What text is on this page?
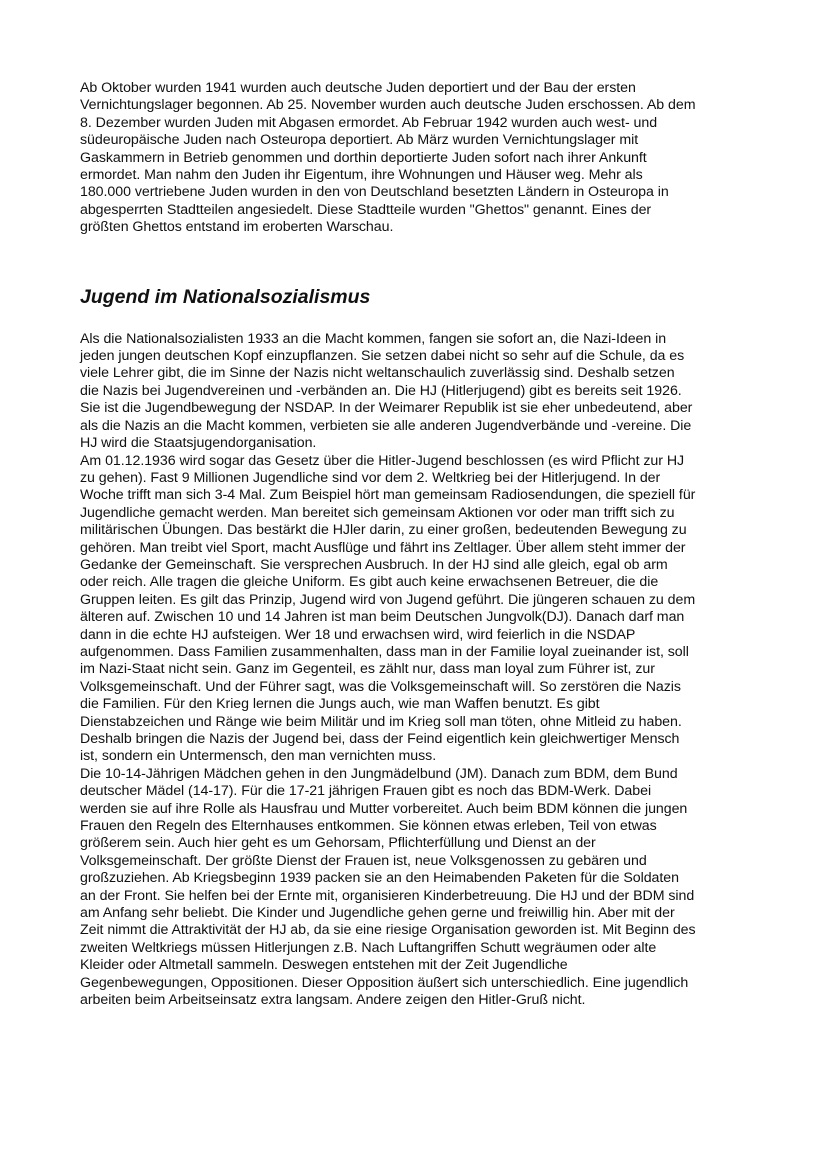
Ab Oktober wurden 1941 wurden auch deutsche Juden deportiert und der Bau der ersten
Vernichtungslager begonnen. Ab 25. November wurden auch deutsche Juden erschossen. Ab dem
8. Dezember wurden Juden mit Abgasen ermordet. Ab Februar 1942 wurden auch west- und
südeuropäische Juden nach Osteuropa deportiert. Ab März wurden Vernichtungslager mit
Gaskammern in Betrieb genommen und dorthin deportierte Juden sofort nach ihrer Ankunft
ermordet. Man nahm den Juden ihr Eigentum, ihre Wohnungen und Häuser weg. Mehr als
180.000 vertriebene Juden wurden in den von Deutschland besetzten Ländern in Osteuropa in
abgesperrten Stadtteilen angesiedelt. Diese Stadtteile wurden "Ghettos" genannt. Eines der
größten Ghettos entstand im eroberten Warschau.
Jugend im Nationalsozialismus
Als die Nationalsozialisten 1933 an die Macht kommen, fangen sie sofort an, die Nazi-Ideen in
jeden jungen deutschen Kopf einzupflanzen. Sie setzen dabei nicht so sehr auf die Schule, da es
viele Lehrer gibt, die im Sinne der Nazis nicht weltanschaulich zuverlässig sind. Deshalb setzen
die Nazis bei Jugendvereinen und -verbänden an. Die HJ (Hitlerjugend) gibt es bereits seit 1926.
Sie ist die Jugendbewegung der NSDAP. In der Weimarer Republik ist sie eher unbedeutend, aber
als die Nazis an die Macht kommen, verbieten sie alle anderen Jugendverbände und -vereine. Die
HJ wird die Staatsjugendorganisation.
Am 01.12.1936 wird sogar das Gesetz über die Hitler-Jugend beschlossen (es wird Pflicht zur HJ
zu gehen). Fast 9 Millionen Jugendliche sind vor dem 2. Weltkrieg bei der Hitlerjugend. In der
Woche trifft man sich 3-4 Mal. Zum Beispiel hört man gemeinsam Radiosendungen, die speziell für
Jugendliche gemacht werden. Man bereitet sich gemeinsam Aktionen vor oder man trifft sich zu
militärischen Übungen. Das bestärkt die HJler darin, zu einer großen, bedeutenden Bewegung zu
gehören. Man treibt viel Sport, macht Ausflüge und fährt ins Zeltlager. Über allem steht immer der
Gedanke der Gemeinschaft. Sie versprechen Ausbruch. In der HJ sind alle gleich, egal ob arm
oder reich. Alle tragen die gleiche Uniform. Es gibt auch keine erwachsenen Betreuer, die die
Gruppen leiten. Es gilt das Prinzip, Jugend wird von Jugend geführt. Die jüngeren schauen zu dem
älteren auf. Zwischen 10 und 14 Jahren ist man beim Deutschen Jungvolk(DJ). Danach darf man
dann in die echte HJ aufsteigen. Wer 18 und erwachsen wird, wird feierlich in die NSDAP
aufgenommen. Dass Familien zusammenhalten, dass man in der Familie loyal zueinander ist, soll
im Nazi-Staat nicht sein. Ganz im Gegenteil, es zählt nur, dass man loyal zum Führer ist, zur
Volksgemeinschaft. Und der Führer sagt, was die Volksgemeinschaft will. So zerstören die Nazis
die Familien. Für den Krieg lernen die Jungs auch, wie man Waffen benutzt. Es gibt
Dienstabzeichen und Ränge wie beim Militär und im Krieg soll man töten, ohne Mitleid zu haben.
Deshalb bringen die Nazis der Jugend bei, dass der Feind eigentlich kein gleichwertiger Mensch
ist, sondern ein Untermensch, den man vernichten muss.
Die 10-14-Jährigen Mädchen gehen in den Jungmädelbund (JM). Danach zum BDM, dem Bund
deutscher Mädel (14-17). Für die 17-21 jährigen Frauen gibt es noch das BDM-Werk. Dabei
werden sie auf ihre Rolle als Hausfrau und Mutter vorbereitet. Auch beim BDM können die jungen
Frauen den Regeln des Elternhauses entkommen. Sie können etwas erleben, Teil von etwas
größerem sein. Auch hier geht es um Gehorsam, Pflichterfüllung und Dienst an der
Volksgemeinschaft. Der größte Dienst der Frauen ist, neue Volksgenossen zu gebären und
großzuziehen. Ab Kriegsbeginn 1939 packen sie an den Heimabenden Paketen für die Soldaten
an der Front. Sie helfen bei der Ernte mit, organisieren Kinderbetreuung. Die HJ und der BDM sind
am Anfang sehr beliebt. Die Kinder und Jugendliche gehen gerne und freiwillig hin. Aber mit der
Zeit nimmt die Attraktivität der HJ ab, da sie eine riesige Organisation geworden ist. Mit Beginn des
zweiten Weltkriegs müssen Hitlerjungen z.B. Nach Luftangriffen Schutt wegräumen oder alte
Kleider oder Altmetall sammeln. Deswegen entstehen mit der Zeit Jugendliche
Gegenbewegungen, Oppositionen. Dieser Opposition äußert sich unterschiedlich. Eine jugendlich
arbeiten beim Arbeitseinsatz extra langsam. Andere zeigen den Hitler-Gruß nicht.
